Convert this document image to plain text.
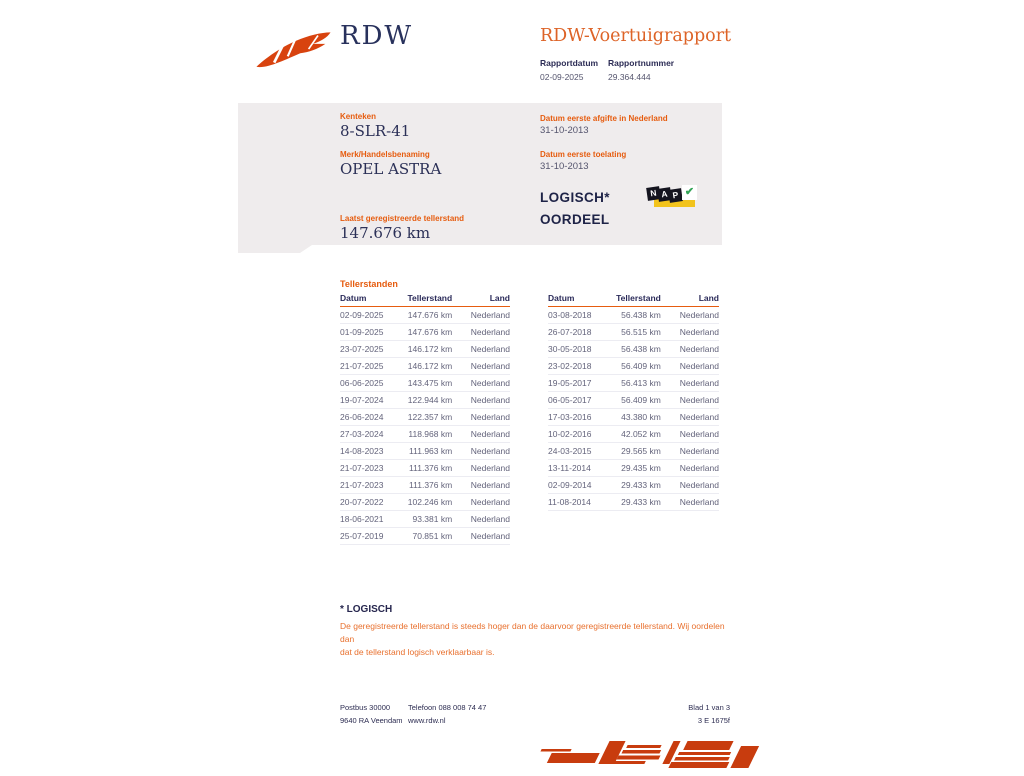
RDW	RDW-Voertuigrapport
Rapportdatum
02-09-2025
Rapportnummer
29.364.444
Kenteken
8-SLR-41
Merk/Handelsbenaming
OPEL ASTRA
Laatst geregistreerde tellerstand
147.676 km
Datum eerste afgifte in Nederland
31-10-2013
Datum eerste toelating
31-10-2013
LOGISCH*
OORDEEL
N A P ✔
Tellerstanden
Datum	Tellerstand	Land
02-09-2025	147.676 km	Nederland
01-09-2025	147.676 km	Nederland
23-07-2025	146.172 km	Nederland
21-07-2025	146.172 km	Nederland
06-06-2025	143.475 km	Nederland
19-07-2024	122.944 km	Nederland
26-06-2024	122.357 km	Nederland
27-03-2024	118.968 km	Nederland
14-08-2023	111.963 km	Nederland
21-07-2023	111.376 km	Nederland
21-07-2023	111.376 km	Nederland
20-07-2022	102.246 km	Nederland
18-06-2021	93.381 km	Nederland
25-07-2019	70.851 km	Nederland
Datum	Tellerstand	Land
03-08-2018	56.438 km	Nederland
26-07-2018	56.515 km	Nederland
30-05-2018	56.438 km	Nederland
23-02-2018	56.409 km	Nederland
19-05-2017	56.413 km	Nederland
06-05-2017	56.409 km	Nederland
17-03-2016	43.380 km	Nederland
10-02-2016	42.052 km	Nederland
24-03-2015	29.565 km	Nederland
13-11-2014	29.435 km	Nederland
02-09-2014	29.433 km	Nederland
11-08-2014	29.433 km	Nederland
* LOGISCH
De geregistreerde tellerstand is steeds hoger dan de daarvoor geregistreerde tellerstand. Wij oordelen dan
dat de tellerstand logisch verklaarbaar is.
Postbus 30000
9640 RA Veendam
Telefoon 088 008 74 47
www.rdw.nl
Blad 1 van 3
3 E 1675f
